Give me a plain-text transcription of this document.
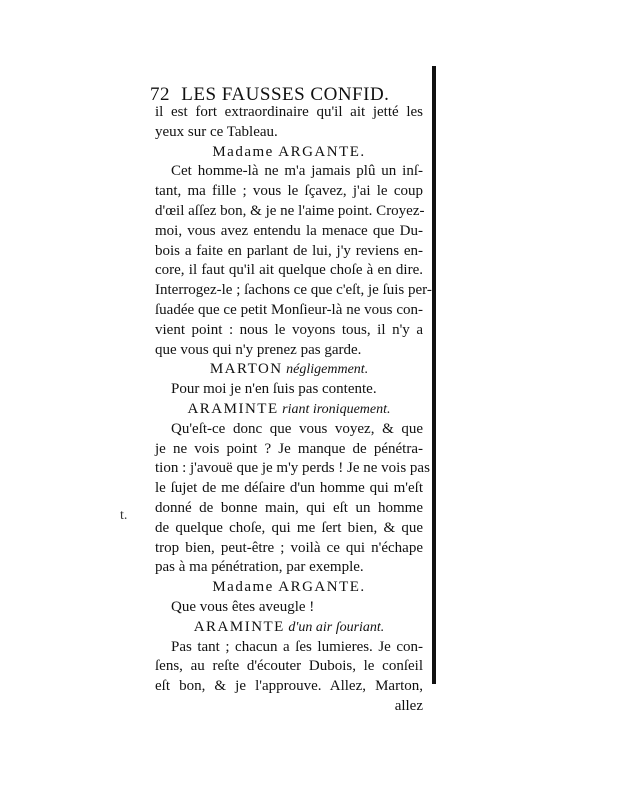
72 LES FAUSSES CONFID.
t.
il est fort extraordinaire qu'il ait jetté les
yeux sur ce Tableau.
Madame ARGANTE.
Cet homme-là ne m'a jamais plû un inſ-
tant, ma fille ; vous le ſçavez, j'ai le coup
d'œil aſſez bon, & je ne l'aime point. Croyez-
moi, vous avez entendu la menace que Du-
bois a faite en parlant de lui, j'y reviens en-
core, il faut qu'il ait quelque choſe à en dire.
Interrogez-le ; ſachons ce que c'eſt, je ſuis per-
ſuadée que ce petit Monſieur-là ne vous con-
vient point : nous le voyons tous, il n'y a
que vous qui n'y prenez pas garde.
MARTON négligemment.
Pour moi je n'en ſuis pas contente.
ARAMINTE riant ironiquement.
Qu'eſt-ce donc que vous voyez, & que
je ne vois point ? Je manque de pénétra-
tion : j'avouë que je m'y perds ! Je ne vois pas
le ſujet de me déſaire d'un homme qui m'eſt
donné de bonne main, qui eſt un homme
de quelque choſe, qui me ſert bien, & que
trop bien, peut-être ; voilà ce qui n'échape
pas à ma pénétration, par exemple.
Madame ARGANTE.
Que vous êtes aveugle !
ARAMINTE d'un air ſouriant.
Pas tant ; chacun a ſes lumieres. Je con-
ſens, au reſte d'écouter Dubois, le conſeil
eſt bon, & je l'approuve. Allez, Marton,
allez
